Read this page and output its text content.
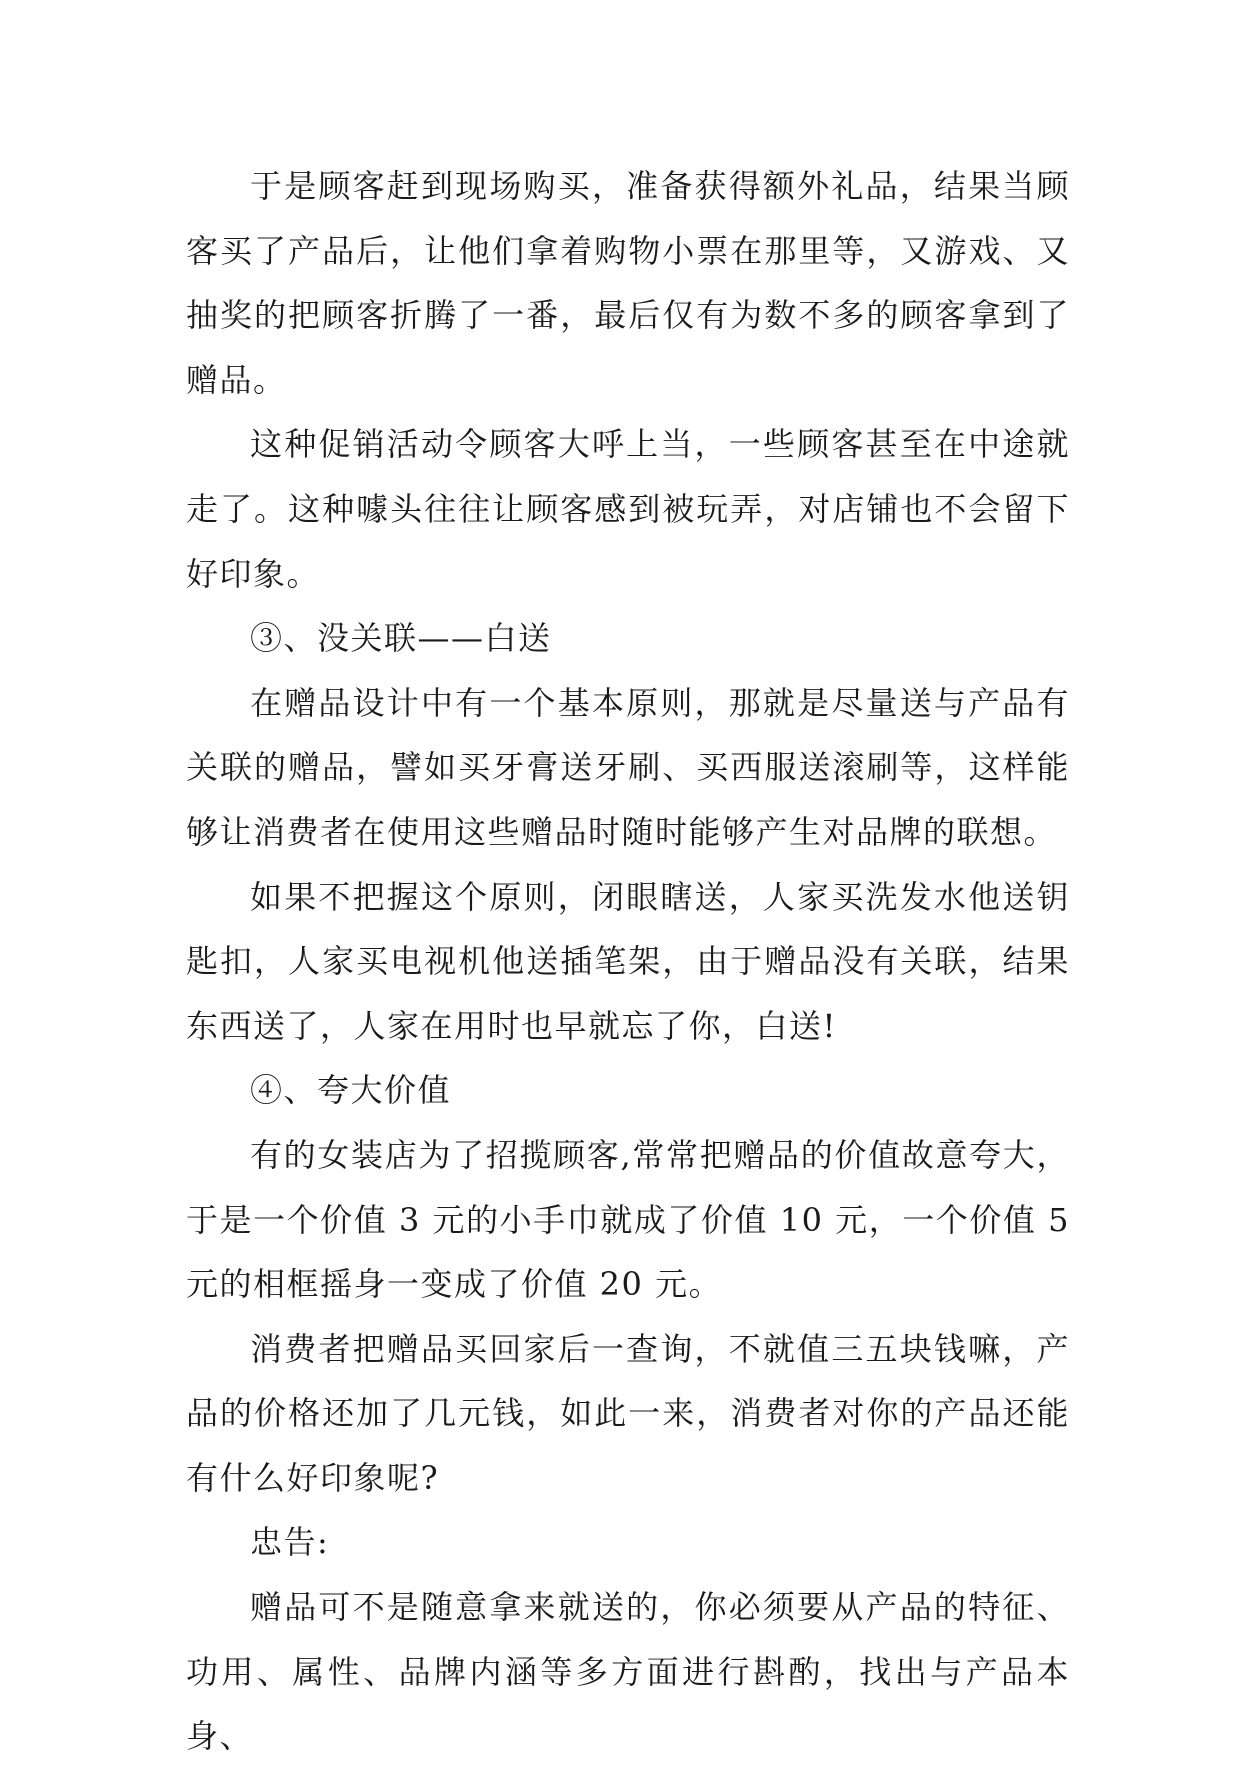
于是顾客赶到现场购买，准备获得额外礼品，结果当顾客买了产品后，让他们拿着购物小票在那里等，又游戏、又抽奖的把顾客折腾了一番，最后仅有为数不多的顾客拿到了赠品。

这种促销活动令顾客大呼上当，一些顾客甚至在中途就走了。这种噱头往往让顾客感到被玩弄，对店铺也不会留下好印象。

③、没关联——白送

在赠品设计中有一个基本原则，那就是尽量送与产品有关联的赠品，譬如买牙膏送牙刷、买西服送滚刷等，这样能够让消费者在使用这些赠品时随时能够产生对品牌的联想。

如果不把握这个原则，闭眼瞎送，人家买洗发水他送钥匙扣，人家买电视机他送插笔架，由于赠品没有关联，结果东西送了，人家在用时也早就忘了你，白送!

④、夸大价值

有的女装店为了招揽顾客,常常把赠品的价值故意夸大，于是一个价值 3 元的小手巾就成了价值 10 元，一个价值 5 元的相框摇身一变成了价值 20 元。

消费者把赠品买回家后一查询，不就值三五块钱嘛，产品的价格还加了几元钱，如此一来，消费者对你的产品还能有什么好印象呢?

忠告:

赠品可不是随意拿来就送的，你必须要从产品的特征、功用、属性、品牌内涵等多方面进行斟酌，找出与产品本身、
